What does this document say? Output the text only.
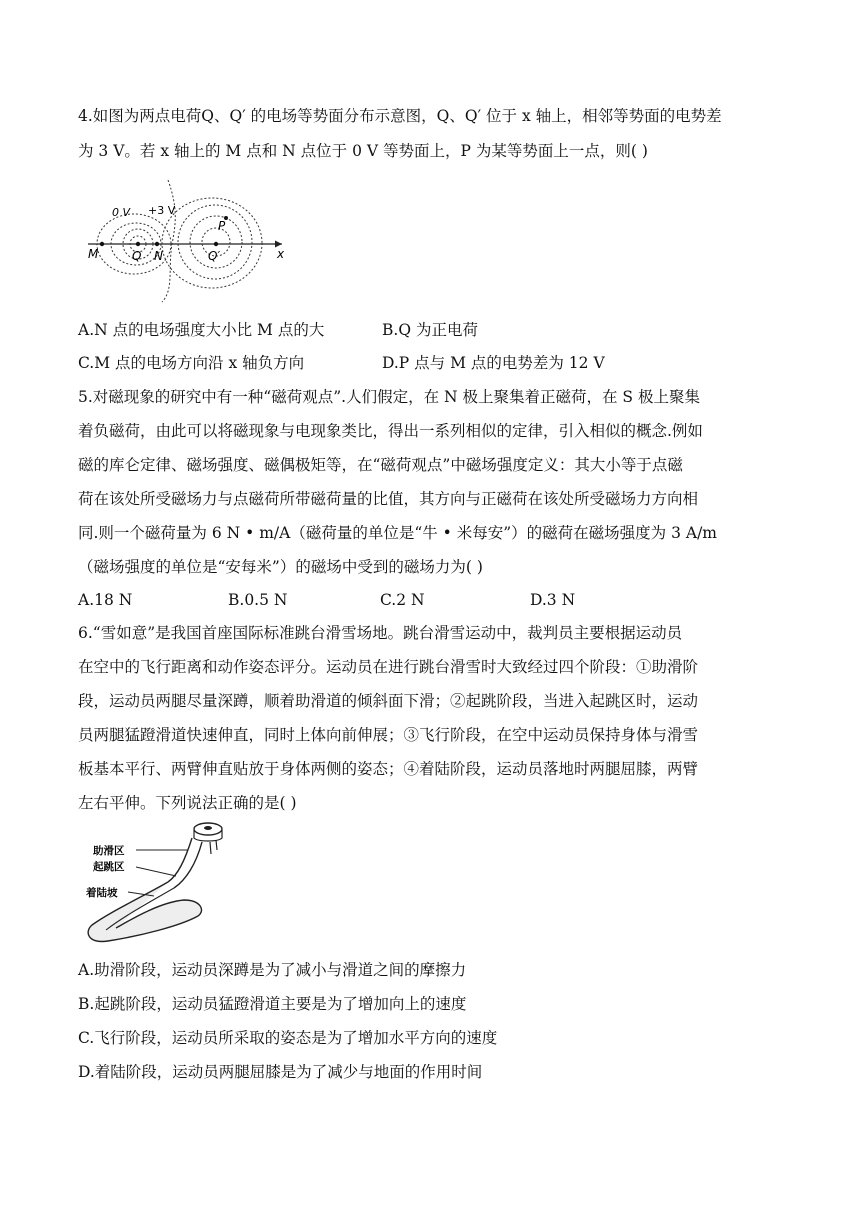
4.如图为两点电荷Q、Q′ 的电场等势面分布示意图，Q、Q′ 位于 x 轴上，相邻等势面的电势差
为 3 V。若 x 轴上的 M 点和 N 点位于 0 V 等势面上，P 为某等势面上一点，则( )
0 V +3 V
M	Q N	Q′
P
x
A.N 点的电场强度大小比 M 点的大	B.Q 为正电荷
C.M 点的电场方向沿 x 轴负方向	D.P 点与 M 点的电势差为 12 V
5.对磁现象的研究中有一种“磁荷观点”.人们假定，在 N 极上聚集着正磁荷，在 S 极上聚集
着负磁荷，由此可以将磁现象与电现象类比，得出一系列相似的定律，引入相似的概念.例如
磁的库仑定律、磁场强度、磁偶极矩等，在“磁荷观点”中磁场强度定义：其大小等于点磁
荷在该处所受磁场力与点磁荷所带磁荷量的比值，其方向与正磁荷在该处所受磁场力方向相
同.则一个磁荷量为 6 N • m/A（磁荷量的单位是“牛 • 米每安”）的磁荷在磁场强度为 3 A/m
（磁场强度的单位是“安每米”）的磁场中受到的磁场力为( )
A.18 N	B.0.5 N	C.2 N	D.3 N
6.“雪如意”是我国首座国际标准跳台滑雪场地。跳台滑雪运动中，裁判员主要根据运动员
在空中的飞行距离和动作姿态评分。运动员在进行跳台滑雪时大致经过四个阶段：①助滑阶
段，运动员两腿尽量深蹲，顺着助滑道的倾斜面下滑；②起跳阶段，当进入起跳区时，运动
员两腿猛蹬滑道快速伸直，同时上体向前伸展；③飞行阶段，在空中运动员保持身体与滑雪
板基本平行、两臂伸直贴放于身体两侧的姿态；④着陆阶段，运动员落地时两腿屈膝，两臂
左右平伸。下列说法正确的是( )
助滑区
起跳区
着陆坡
A.助滑阶段，运动员深蹲是为了减小与滑道之间的摩擦力
B.起跳阶段，运动员猛蹬滑道主要是为了增加向上的速度
C.飞行阶段，运动员所采取的姿态是为了增加水平方向的速度
D.着陆阶段，运动员两腿屈膝是为了减少与地面的作用时间
